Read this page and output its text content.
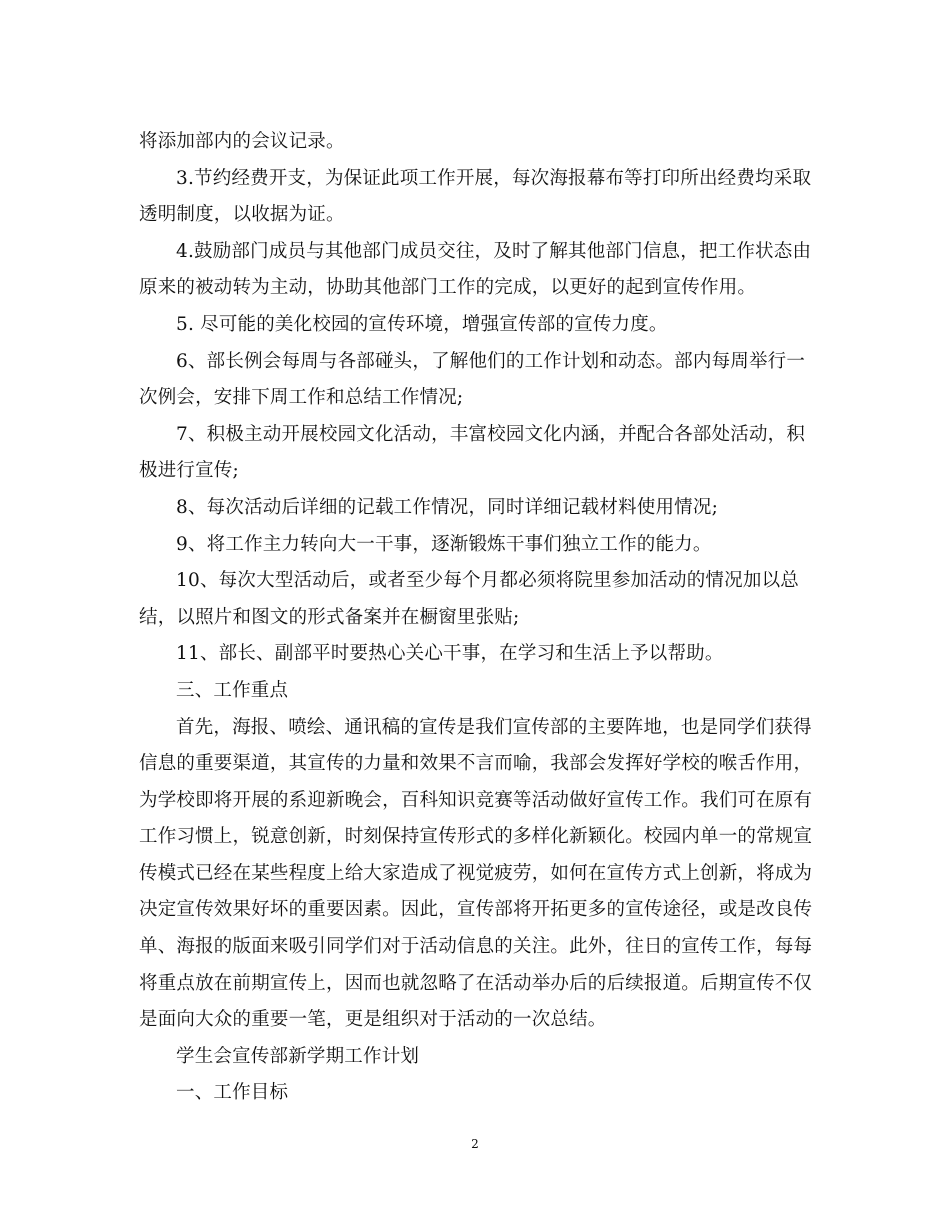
将添加部内的会议记录。
3.节约经费开支，为保证此项工作开展，每次海报幕布等打印所出经费均采取
透明制度，以收据为证。
4.鼓励部门成员与其他部门成员交往，及时了解其他部门信息，把工作状态由
原来的被动转为主动，协助其他部门工作的完成，以更好的起到宣传作用。
5. 尽可能的美化校园的宣传环境，增强宣传部的宣传力度。
6、部长例会每周与各部碰头，了解他们的工作计划和动态。部内每周举行一
次例会，安排下周工作和总结工作情况;
7、积极主动开展校园文化活动，丰富校园文化内涵，并配合各部处活动，积
极进行宣传;
8、每次活动后详细的记载工作情况，同时详细记载材料使用情况;
9、将工作主力转向大一干事，逐渐锻炼干事们独立工作的能力。
10、每次大型活动后，或者至少每个月都必须将院里参加活动的情况加以总
结，以照片和图文的形式备案并在橱窗里张贴;
11、部长、副部平时要热心关心干事，在学习和生活上予以帮助。
三、工作重点
首先，海报、喷绘、通讯稿的宣传是我们宣传部的主要阵地，也是同学们获得
信息的重要渠道，其宣传的力量和效果不言而喻，我部会发挥好学校的喉舌作用，
为学校即将开展的系迎新晚会，百科知识竞赛等活动做好宣传工作。我们可在原有
工作习惯上，锐意创新，时刻保持宣传形式的多样化新颖化。校园内单一的常规宣
传模式已经在某些程度上给大家造成了视觉疲劳，如何在宣传方式上创新，将成为
决定宣传效果好坏的重要因素。因此，宣传部将开拓更多的宣传途径，或是改良传
单、海报的版面来吸引同学们对于活动信息的关注。此外，往日的宣传工作，每每
将重点放在前期宣传上，因而也就忽略了在活动举办后的后续报道。后期宣传不仅
是面向大众的重要一笔，更是组织对于活动的一次总结。
学生会宣传部新学期工作计划
一、工作目标
2
